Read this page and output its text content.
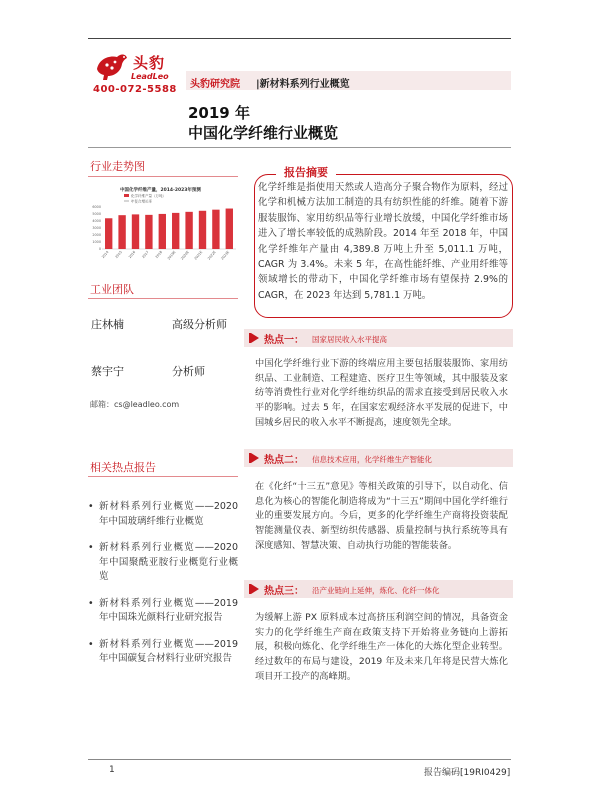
头豹
LeadLeo
400-072-5588 头豹研究院 |新材料系列行业概览
2019 年
中国化学纤维行业概览
行业走势图
中国化学纤维产量，2014-2023年预测
化学纤维产量（万吨）
年复合增长率
0
1000
2000
3000
4000
5000
6000
2014 2015 2016 2017 2018 2019E 2020E 2021E 2022E 2023E
工业团队
庄林楠	高级分析师
蔡宇宁	分析师
邮箱：cs@leadleo.com
相关热点报告
• 新材料系列行业概览——2020 年中国玻璃纤维行业概览
• 新材料系列行业概览——2020 年中国聚酰亚胺行业概览行业概览
• 新材料系列行业概览——2019 年中国珠光颜料行业研究报告
• 新材料系列行业概览——2019 年中国碳复合材料行业研究报告
报告摘要
化学纤维是指使用天然或人造高分子聚合物作为原料，经过化学和机械方法加工制造的具有纺织性能的纤维。随着下游服装服饰、家用纺织品等行业增长放缓，中国化学纤维市场进入了增长率较低的成熟阶段。2014 年至 2018 年，中国化学纤维年产量由 4,389.8 万吨上升至 5,011.1 万吨，CAGR 为 3.4%。未来 5 年，在高性能纤维、产业用纤维等领域增长的带动下，中国化学纤维市场有望保持 2.9%的 CAGR，在 2023 年达到 5,781.1 万吨。
热点一： 国家居民收入水平提高
中国化学纤维行业下游的终端应用主要包括服装服饰、家用纺织品、工业制造、工程建造、医疗卫生等领域，其中服装及家纺等消费性行业对化学纤维纺织品的需求直接受到居民收入水平的影响。过去 5 年，在国家宏观经济水平发展的促进下，中国城乡居民的收入水平不断提高，速度领先全球。
热点二： 信息技术应用，化学纤维生产智能化
在《化纤“十三五”意见》等相关政策的引导下，以自动化、信息化为核心的智能化制造将成为“十三五”期间中国化学纤维行业的重要发展方向。今后，更多的化学纤维生产商将投资装配智能测量仪表、新型纺织传感器、质量控制与执行系统等具有深度感知、智慧决策、自动执行功能的智能装备。
热点三： 沿产业链向上延伸，炼化、化纤一体化
为缓解上游 PX 原料成本过高挤压利润空间的情况，具备资金实力的化学纤维生产商在政策支持下开始将业务链向上游拓展，积极向炼化、化学纤维生产一体化的大炼化型企业转型。经过数年的布局与建设，2019 年及未来几年将是民营大炼化项目开工投产的高峰期。
1	报告编码[19RI0429]
